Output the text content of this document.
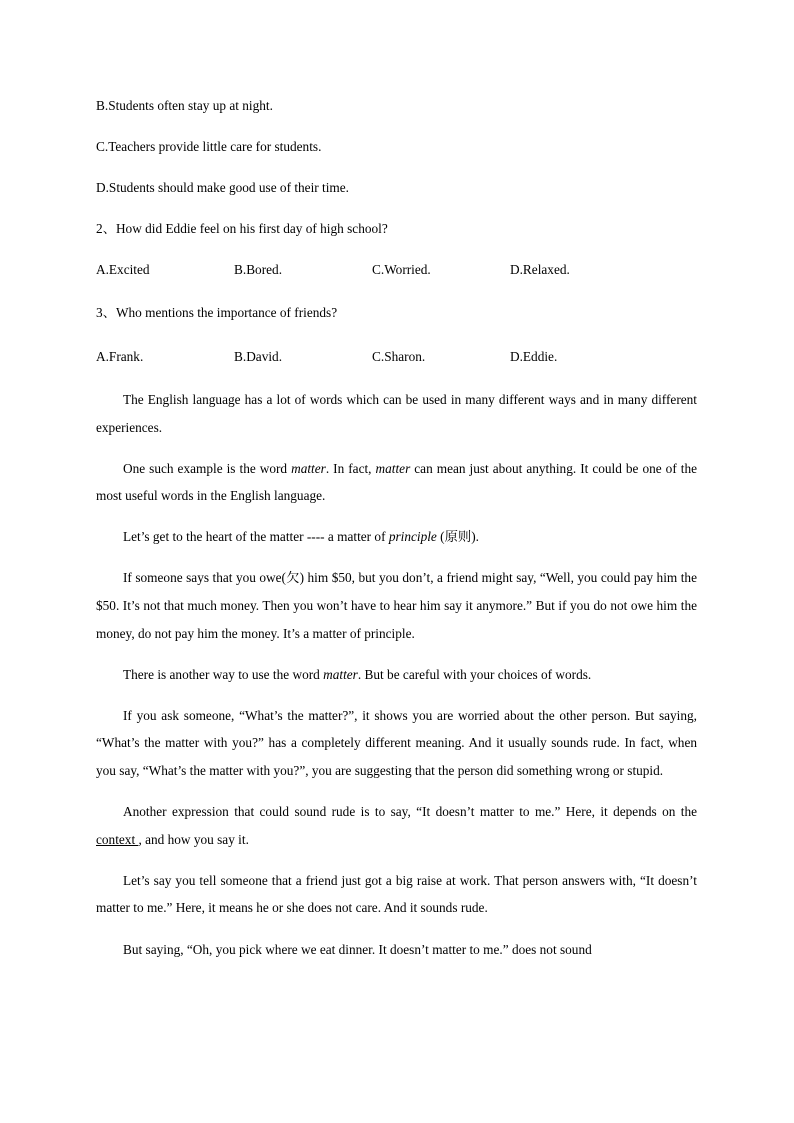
B.Students often stay up at night.

C.Teachers provide little care for students.

D.Students should make good use of their time.

2、How did Eddie feel on his first day of high school?

A.Excited	B.Bored.	C.Worried.	D.Relaxed.

3、Who mentions the importance of friends?

A.Frank.	B.David.	C.Sharon.	D.Eddie.

The English language has a lot of words which can be used in many different ways and in many different experiences.

One such example is the word matter. In fact, matter can mean just about anything. It could be one of the most useful words in the English language.

Let’s get to the heart of the matter ---- a matter of principle (原则).

If someone says that you owe(欠) him $50, but you don’t, a friend might say, “Well, you could pay him the $50. It’s not that much money. Then you won’t have to hear him say it anymore.” But if you do not owe him the money, do not pay him the money. It’s a matter of principle.

There is another way to use the word matter. But be careful with your choices of words.

If you ask someone, “What’s the matter?”, it shows you are worried about the other person. But saying, “What’s the matter with you?” has a completely different meaning. And it usually sounds rude. In fact, when you say, “What’s the matter with you?”, you are suggesting that the person did something wrong or stupid.

Another expression that could sound rude is to say, “It doesn’t matter to me.” Here, it depends on the context , and how you say it.

Let’s say you tell someone that a friend just got a big raise at work. That person answers with, “It doesn’t matter to me.” Here, it means he or she does not care. And it sounds rude.

But saying, “Oh, you pick where we eat dinner. It doesn’t matter to me.” does not sound
